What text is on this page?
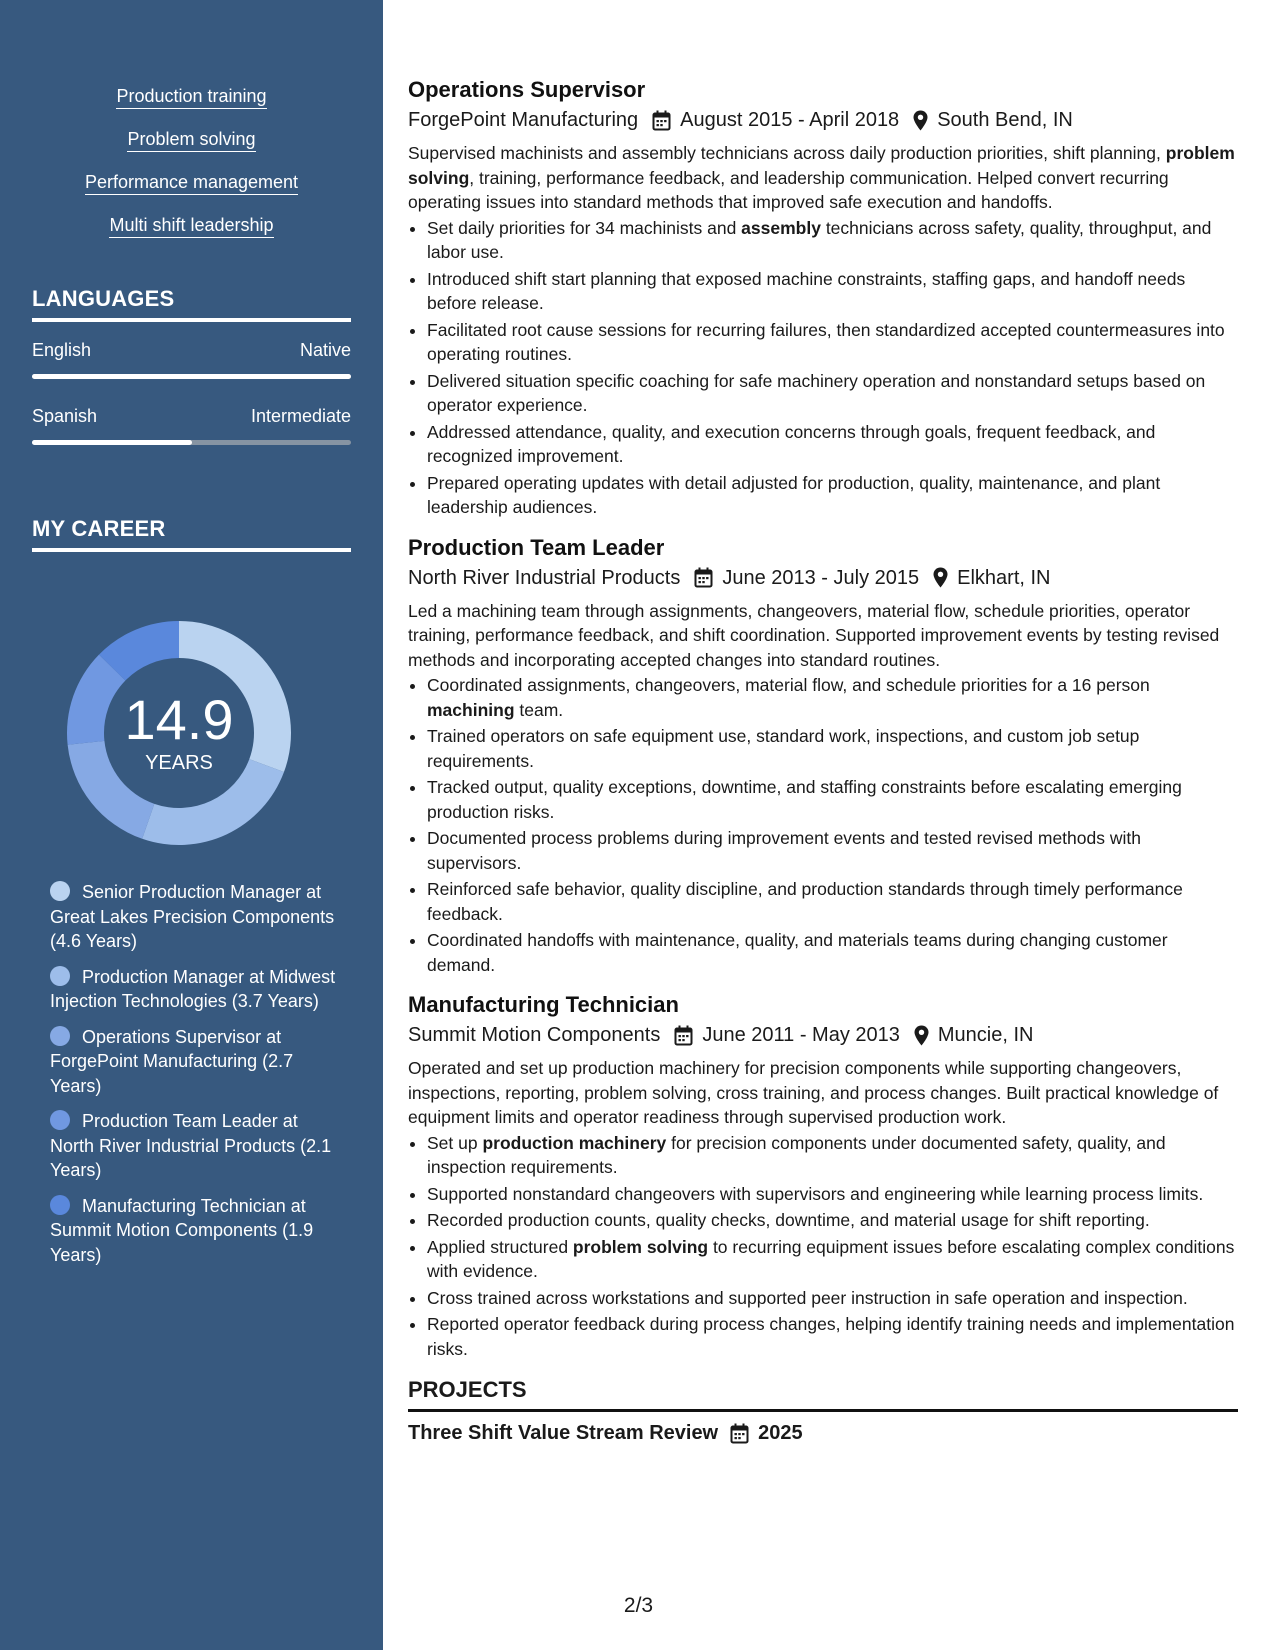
Production training
Problem solving
Performance management
Multi shift leadership
LANGUAGES
English	Native
Spanish	Intermediate
MY CAREER
14.9
YEARS
Senior Production Manager at Great Lakes Precision Components (4.6 Years)
Production Manager at Midwest Injection Technologies (3.7 Years)
Operations Supervisor at ForgePoint Manufacturing (2.7 Years)
Production Team Leader at North River Industrial Products (2.1 Years)
Manufacturing Technician at Summit Motion Components (1.9 Years)
Operations Supervisor
ForgePoint Manufacturing August 2015 - April 2018 South Bend, IN
Supervised machinists and assembly technicians across daily production priorities, shift planning, problem solving, training, performance feedback, and leadership communication. Helped convert recurring operating issues into standard methods that improved safe execution and handoffs.
• Set daily priorities for 34 machinists and assembly technicians across safety, quality, throughput, and labor use.
• Introduced shift start planning that exposed machine constraints, staffing gaps, and handoff needs before release.
• Facilitated root cause sessions for recurring failures, then standardized accepted countermeasures into operating routines.
• Delivered situation specific coaching for safe machinery operation and nonstandard setups based on operator experience.
• Addressed attendance, quality, and execution concerns through goals, frequent feedback, and recognized improvement.
• Prepared operating updates with detail adjusted for production, quality, maintenance, and plant leadership audiences.
Production Team Leader
North River Industrial Products June 2013 - July 2015 Elkhart, IN
Led a machining team through assignments, changeovers, material flow, schedule priorities, operator training, performance feedback, and shift coordination. Supported improvement events by testing revised methods and incorporating accepted changes into standard routines.
• Coordinated assignments, changeovers, material flow, and schedule priorities for a 16 person machining team.
• Trained operators on safe equipment use, standard work, inspections, and custom job setup requirements.
• Tracked output, quality exceptions, downtime, and staffing constraints before escalating emerging production risks.
• Documented process problems during improvement events and tested revised methods with supervisors.
• Reinforced safe behavior, quality discipline, and production standards through timely performance feedback.
• Coordinated handoffs with maintenance, quality, and materials teams during changing customer demand.
Manufacturing Technician
Summit Motion Components June 2011 - May 2013 Muncie, IN
Operated and set up production machinery for precision components while supporting changeovers, inspections, reporting, problem solving, cross training, and process changes. Built practical knowledge of equipment limits and operator readiness through supervised production work.
• Set up production machinery for precision components under documented safety, quality, and inspection requirements.
• Supported nonstandard changeovers with supervisors and engineering while learning process limits.
• Recorded production counts, quality checks, downtime, and material usage for shift reporting.
• Applied structured problem solving to recurring equipment issues before escalating complex conditions with evidence.
• Cross trained across workstations and supported peer instruction in safe operation and inspection.
• Reported operator feedback during process changes, helping identify training needs and implementation risks.
PROJECTS
Three Shift Value Stream Review 2025
2/3
